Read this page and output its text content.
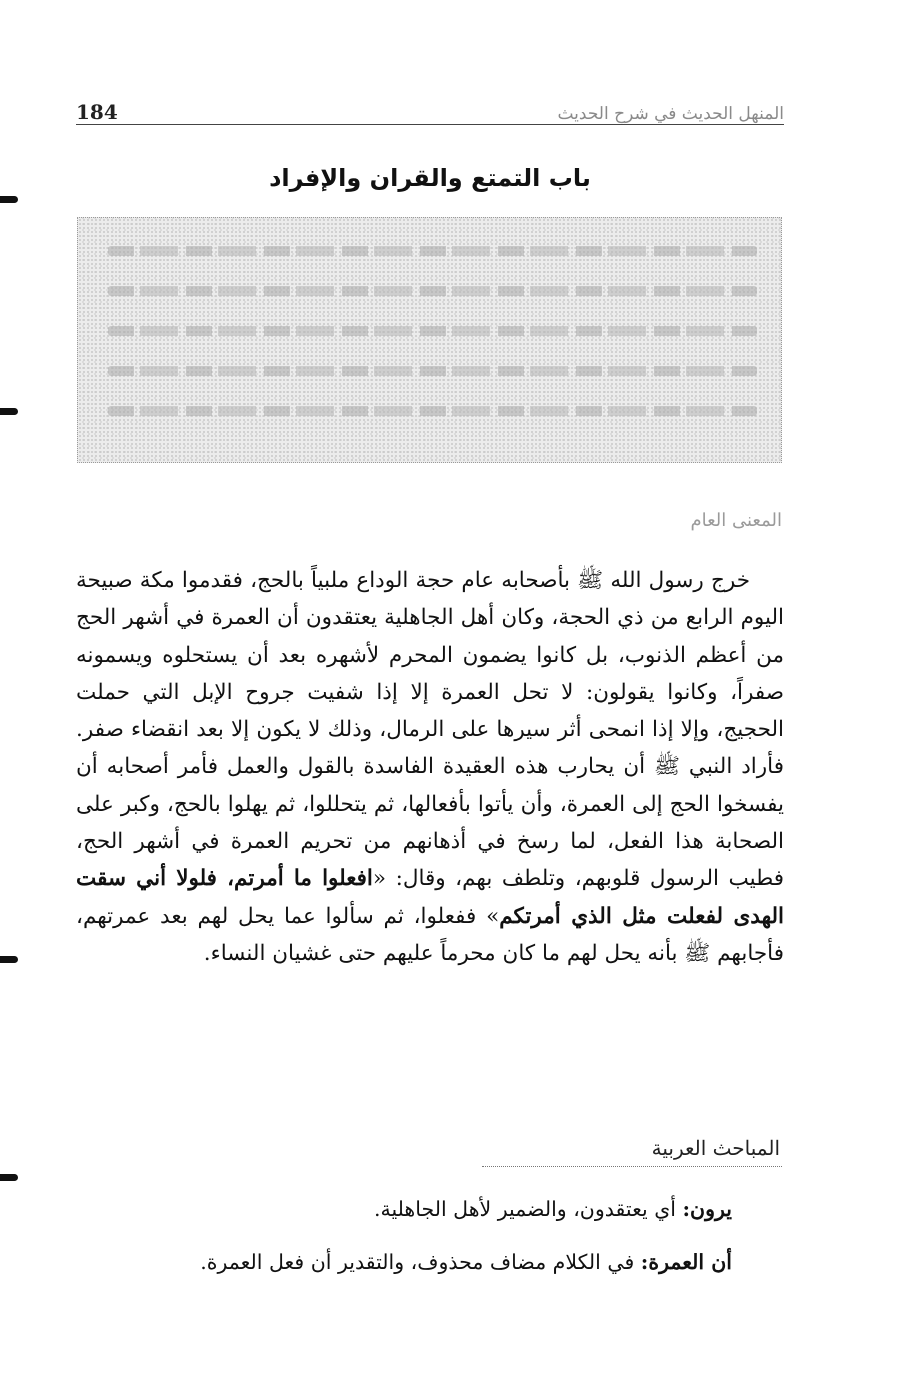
184	المنهل الحديث في شرح الحديث
باب التمتع والقران والإفراد
المعنى العام
خرج رسول الله ﷺ بأصحابه عام حجة الوداع ملبياً بالحج، فقدموا مكة صبيحة اليوم الرابع من ذي الحجة، وكان أهل الجاهلية يعتقدون أن العمرة في أشهر الحج من أعظم الذنوب، بل كانوا يضمون المحرم لأشهره بعد أن يستحلوه ويسمونه صفراً، وكانوا يقولون: لا تحل العمرة إلا إذا شفيت جروح الإبل التي حملت الحجيج، وإلا إذا انمحى أثر سيرها على الرمال، وذلك لا يكون إلا بعد انقضاء صفر. فأراد النبي ﷺ أن يحارب هذه العقيدة الفاسدة بالقول والعمل فأمر أصحابه أن يفسخوا الحج إلى العمرة، وأن يأتوا بأفعالها، ثم يتحللوا، ثم يهلوا بالحج، وكبر على الصحابة هذا الفعل، لما رسخ في أذهانهم من تحريم العمرة في أشهر الحج، فطيب الرسول قلوبهم، وتلطف بهم، وقال: «افعلوا ما أمرتم، فلولا أني سقت الهدى لفعلت مثل الذي أمرتكم» ففعلوا، ثم سألوا عما يحل لهم بعد عمرتهم، فأجابهم ﷺ بأنه يحل لهم ما كان محرماً عليهم حتى غشيان النساء.
المباحث العربية
يرون: أي يعتقدون، والضمير لأهل الجاهلية.
أن العمرة: في الكلام مضاف محذوف، والتقدير أن فعل العمرة.
